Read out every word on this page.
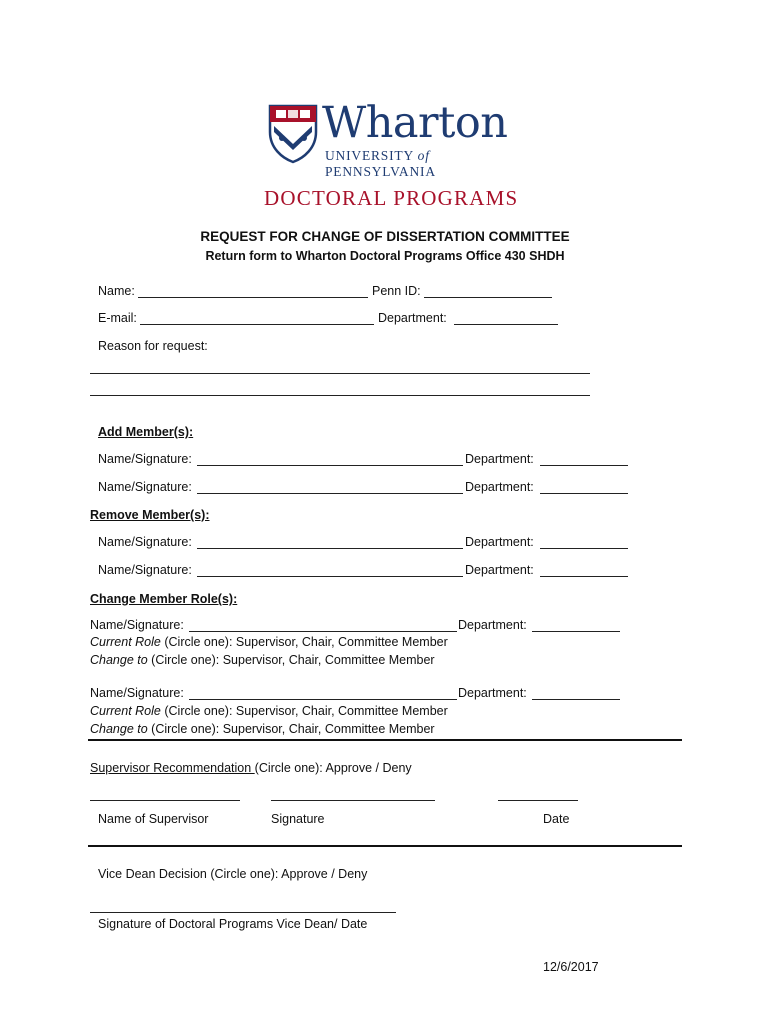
Wharton
UNIVERSITY of PENNSYLVANIA
DOCTORAL PROGRAMS
REQUEST FOR CHANGE OF DISSERTATION COMMITTEE
Return form to Wharton Doctoral Programs Office 430 SHDH
Name:	Penn ID:
E-mail:	Department:
Reason for request:
Add Member(s):
Name/Signature:	Department:
Name/Signature:	Department:
Remove Member(s):
Name/Signature:	Department:
Name/Signature:	Department:
Change Member Role(s):
Name/Signature:	Department:
Current Role (Circle one): Supervisor, Chair, Committee Member
Change to (Circle one): Supervisor, Chair, Committee Member
Name/Signature:	Department:
Current Role (Circle one): Supervisor, Chair, Committee Member
Change to (Circle one): Supervisor, Chair, Committee Member
Supervisor Recommendation (Circle one): Approve / Deny
Name of Supervisor	Signature	Date
Vice Dean Decision (Circle one): Approve / Deny
Signature of Doctoral Programs Vice Dean/ Date
12/6/2017
